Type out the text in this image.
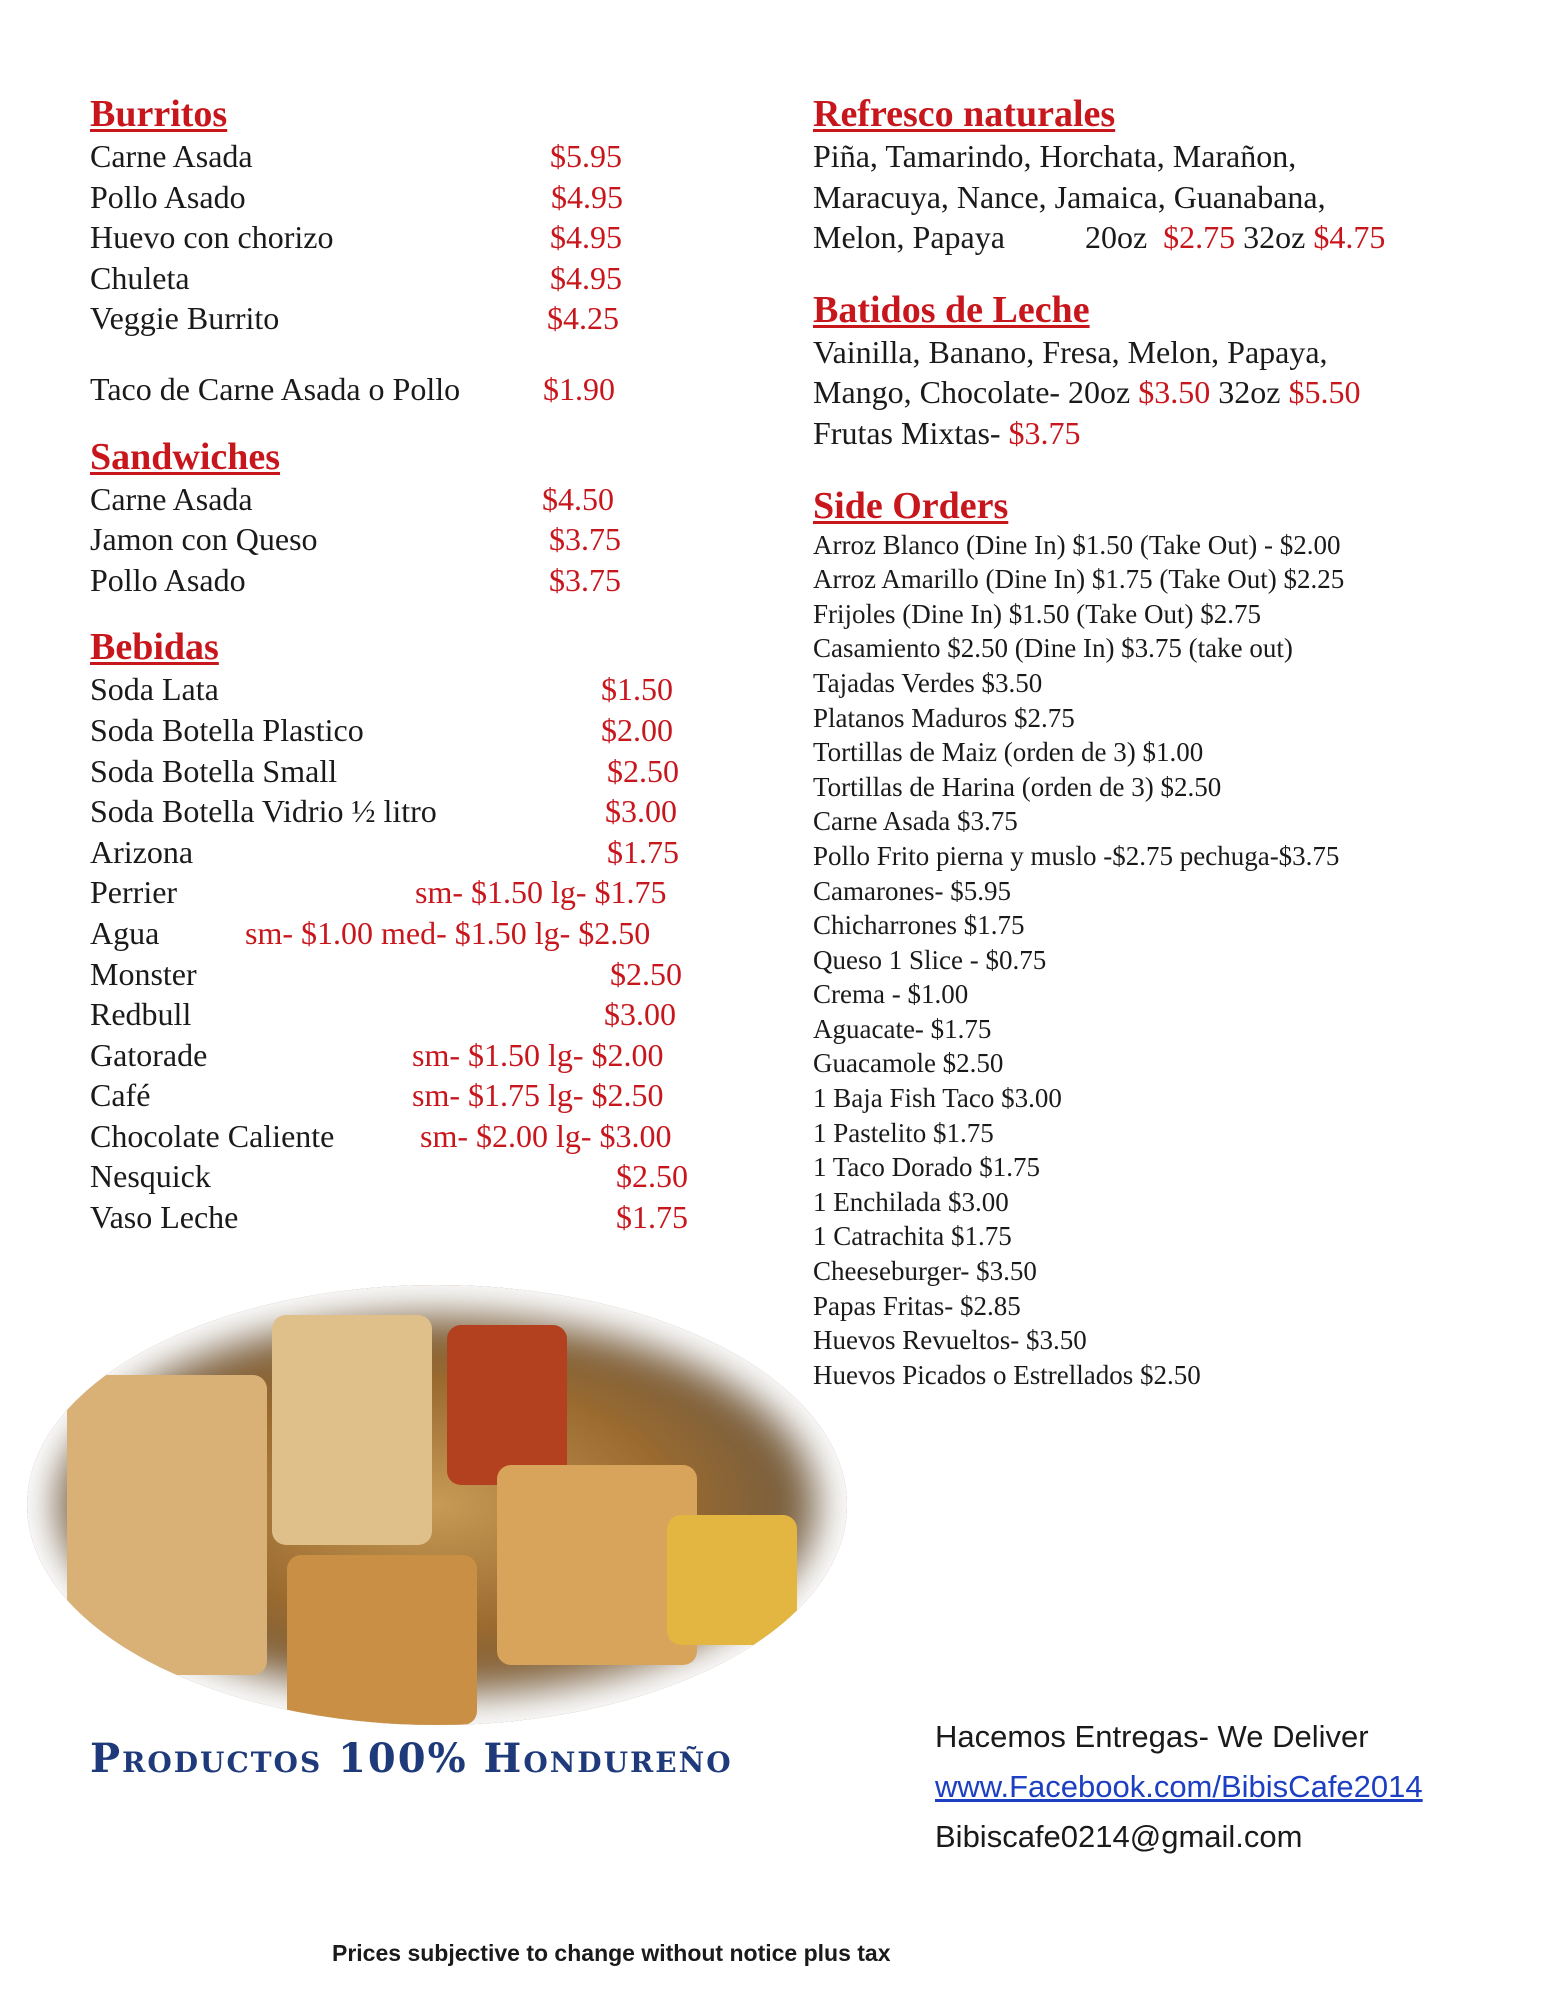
Burritos
Carne Asada	$5.95
Pollo Asado	$4.95
Huevo con chorizo	$4.95
Chuleta	$4.95
Veggie Burrito	$4.25
Taco de Carne Asada o Pollo	$1.90
Sandwiches
Carne Asada	$4.50
Jamon con Queso	$3.75
Pollo Asado	$3.75
Bebidas
Soda Lata	$1.50
Soda Botella Plastico	$2.00
Soda Botella Small	$2.50
Soda Botella Vidrio ½ litro	$3.00
Arizona	$1.75
Perrier	sm- $1.50 lg- $1.75
Agua	sm- $1.00 med- $1.50 lg- $2.50
Monster	$2.50
Redbull	$3.00
Gatorade	sm- $1.50 lg- $2.00
Café	sm- $1.75 lg- $2.50
Chocolate Caliente	sm- $2.00 lg- $3.00
Nesquick	$2.50
Vaso Leche	$1.75
Refresco naturales
Piña, Tamarindo, Horchata, Marañon,
Maracuya, Nance, Jamaica, Guanabana,
Melon, Papaya	20oz $2.75 32oz $4.75
Batidos de Leche
Vainilla, Banano, Fresa, Melon, Papaya,
Mango, Chocolate- 20oz $3.50 32oz $5.50
Frutas Mixtas- $3.75
Side Orders
Arroz Blanco (Dine In) $1.50 (Take Out) - $2.00
Arroz Amarillo (Dine In) $1.75 (Take Out) $2.25
Frijoles (Dine In) $1.50 (Take Out) $2.75
Casamiento $2.50 (Dine In) $3.75 (take out)
Tajadas Verdes $3.50
Platanos Maduros $2.75
Tortillas de Maiz (orden de 3) $1.00
Tortillas de Harina (orden de 3) $2.50
Carne Asada $3.75
Pollo Frito pierna y muslo -$2.75 pechuga-$3.75
Camarones- $5.95
Chicharrones $1.75
Queso 1 Slice - $0.75
Crema - $1.00
Aguacate- $1.75
Guacamole $2.50
1 Baja Fish Taco $3.00
1 Pastelito $1.75
1 Taco Dorado $1.75
1 Enchilada $3.00
1 Catrachita $1.75
Cheeseburger- $3.50
Papas Fritas- $2.85
Huevos Revueltos- $3.50
Huevos Picados o Estrellados $2.50
Productos 100% Hondureño	Hacemos Entregas- We Deliver
www.Facebook.com/BibisCafe2014
Bibiscafe0214@gmail.com
Prices subjective to change without notice plus tax
